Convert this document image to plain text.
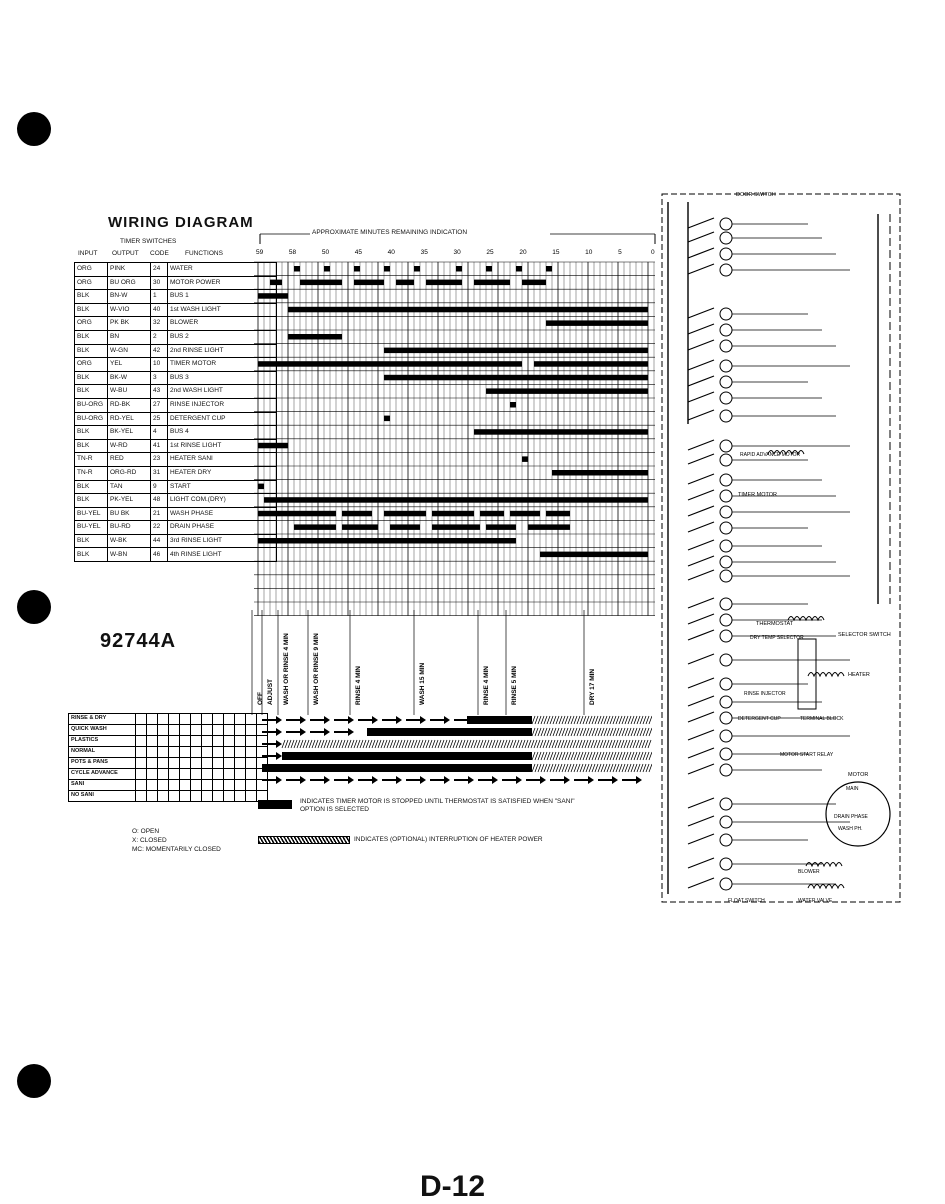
WIRING DIAGRAM
TIMER SWITCHES
INPUT OUTPUT CODE FUNCTIONS
APPROXIMATE MINUTES REMAINING INDICATION
ORG	PINK	24	WATER
ORG	BU ORG	30	MOTOR POWER
BLK	BN-W	1	BUS 1
BLK	W-VIO	40	1st WASH LIGHT
ORG	PK BK	32	BLOWER
BLK	BN	2	BUS 2
BLK	W-GN	42	2nd RINSE LIGHT
ORG	YEL	10	TIMER MOTOR
BLK	BK-W	3	BUS 3
BLK	W-BU	43	2nd WASH LIGHT
BU-ORG	RD-BK	27	RINSE INJECTOR
BU-ORG	RD-YEL	25	DETERGENT CUP
BLK	BK-YEL	4	BUS 4
BLK	W-RD	41	1st RINSE LIGHT
TN-R	RED	23	HEATER SANI
TN-R	ORG-RD	31	HEATER DRY
BLK	TAN	9	START
BLK	PK-YEL	48	LIGHT COM.(DRY)
BU-YEL	BU BK	21	WASH PHASE
BU-YEL	BU-RD	22	DRAIN PHASE
BLK	W-BK	44	3rd RINSE LIGHT
BLK	W-BN	46	4th RINSE LIGHT
59	58	50	45	40	35	30	25	20	15	10	5	0
92744A
OFF ADJUST WASH OR RINSE 4 MIN	WASH OR RINSE 9 MIN	RINSE 4 MIN	WASH 15 MIN	RINSE 4 MIN	RINSE 5 MIN	DRY 17 MIN
RINSE & DRY												
QUICK WASH												
PLASTICS												
NORMAL												
POTS & PANS												
CYCLE ADVANCE												
SANI												
NO SANI												
O: OPEN
X: CLOSED
MC: MOMENTARILY CLOSED
INDICATES TIMER MOTOR IS STOPPED UNTIL THERMOSTAT IS SATISFIED WHEN "SANI" OPTION IS SELECTED
INDICATES (OPTIONAL) INTERRUPTION OF HEATER POWER
DOOR SWITCH
TIMER MOTOR
RAPID ADVANCE MOTOR
THERMOSTAT
SELECTOR SWITCH
DRY TEMP SELECTOR
HEATER
RINSE INJECTOR
DETERGENT CUP	TERMINAL BLOCK
MOTOR START RELAY
MOTOR
MAIN
DRAIN PHASE
WASH PH.
BLOWER
FLOAT SWITCH	WATER VALVE
D-12
